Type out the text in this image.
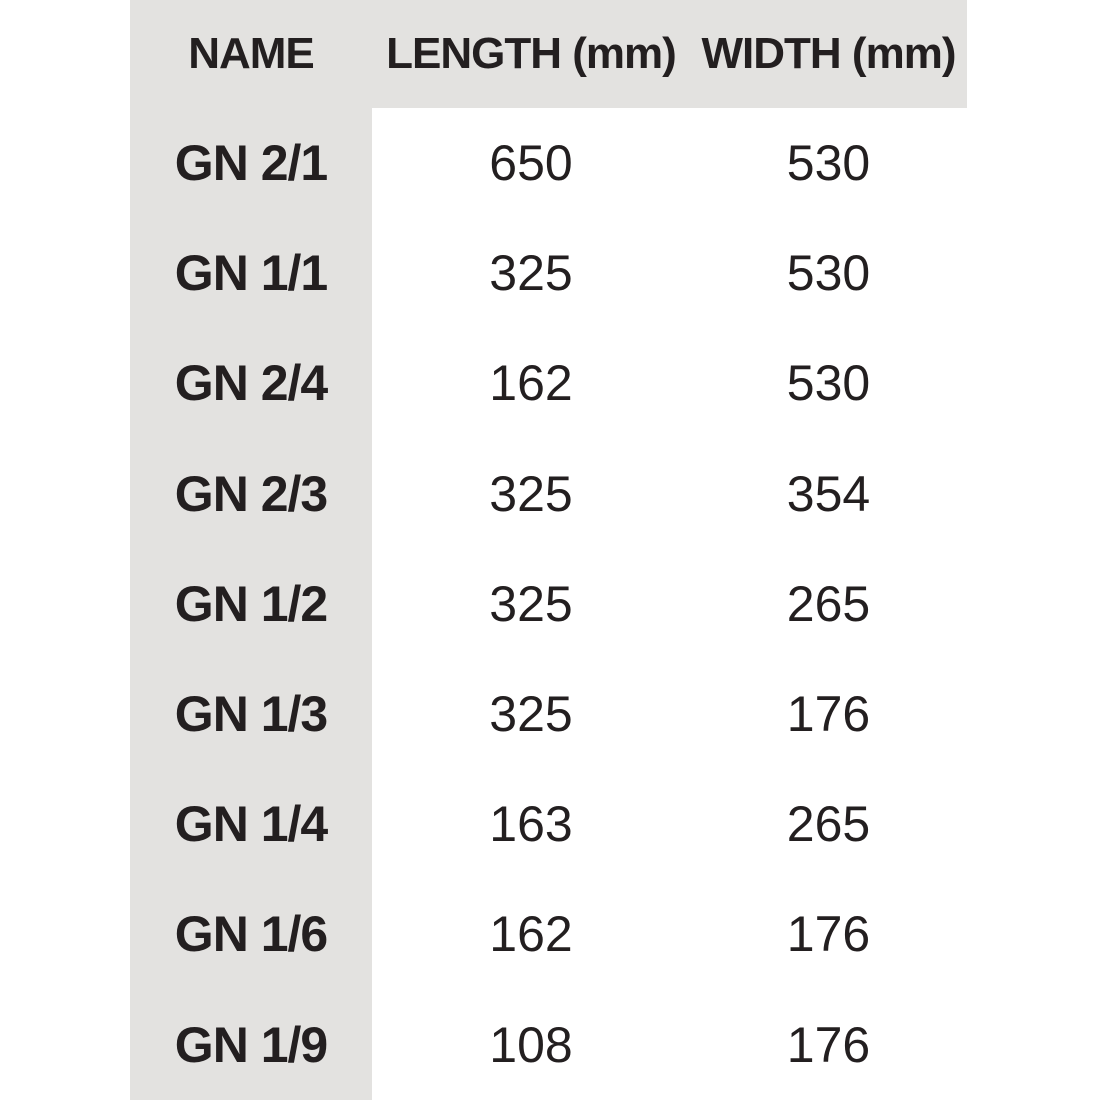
NAME	LENGTH (mm) WIDTH (mm)
GN 2/1	650	530
GN 1/1	325	530
GN 2/4	162	530
GN 2/3	325	354
GN 1/2	325	265
GN 1/3	325	176
GN 1/4	163	265
GN 1/6	162	176
GN 1/9	108	176
